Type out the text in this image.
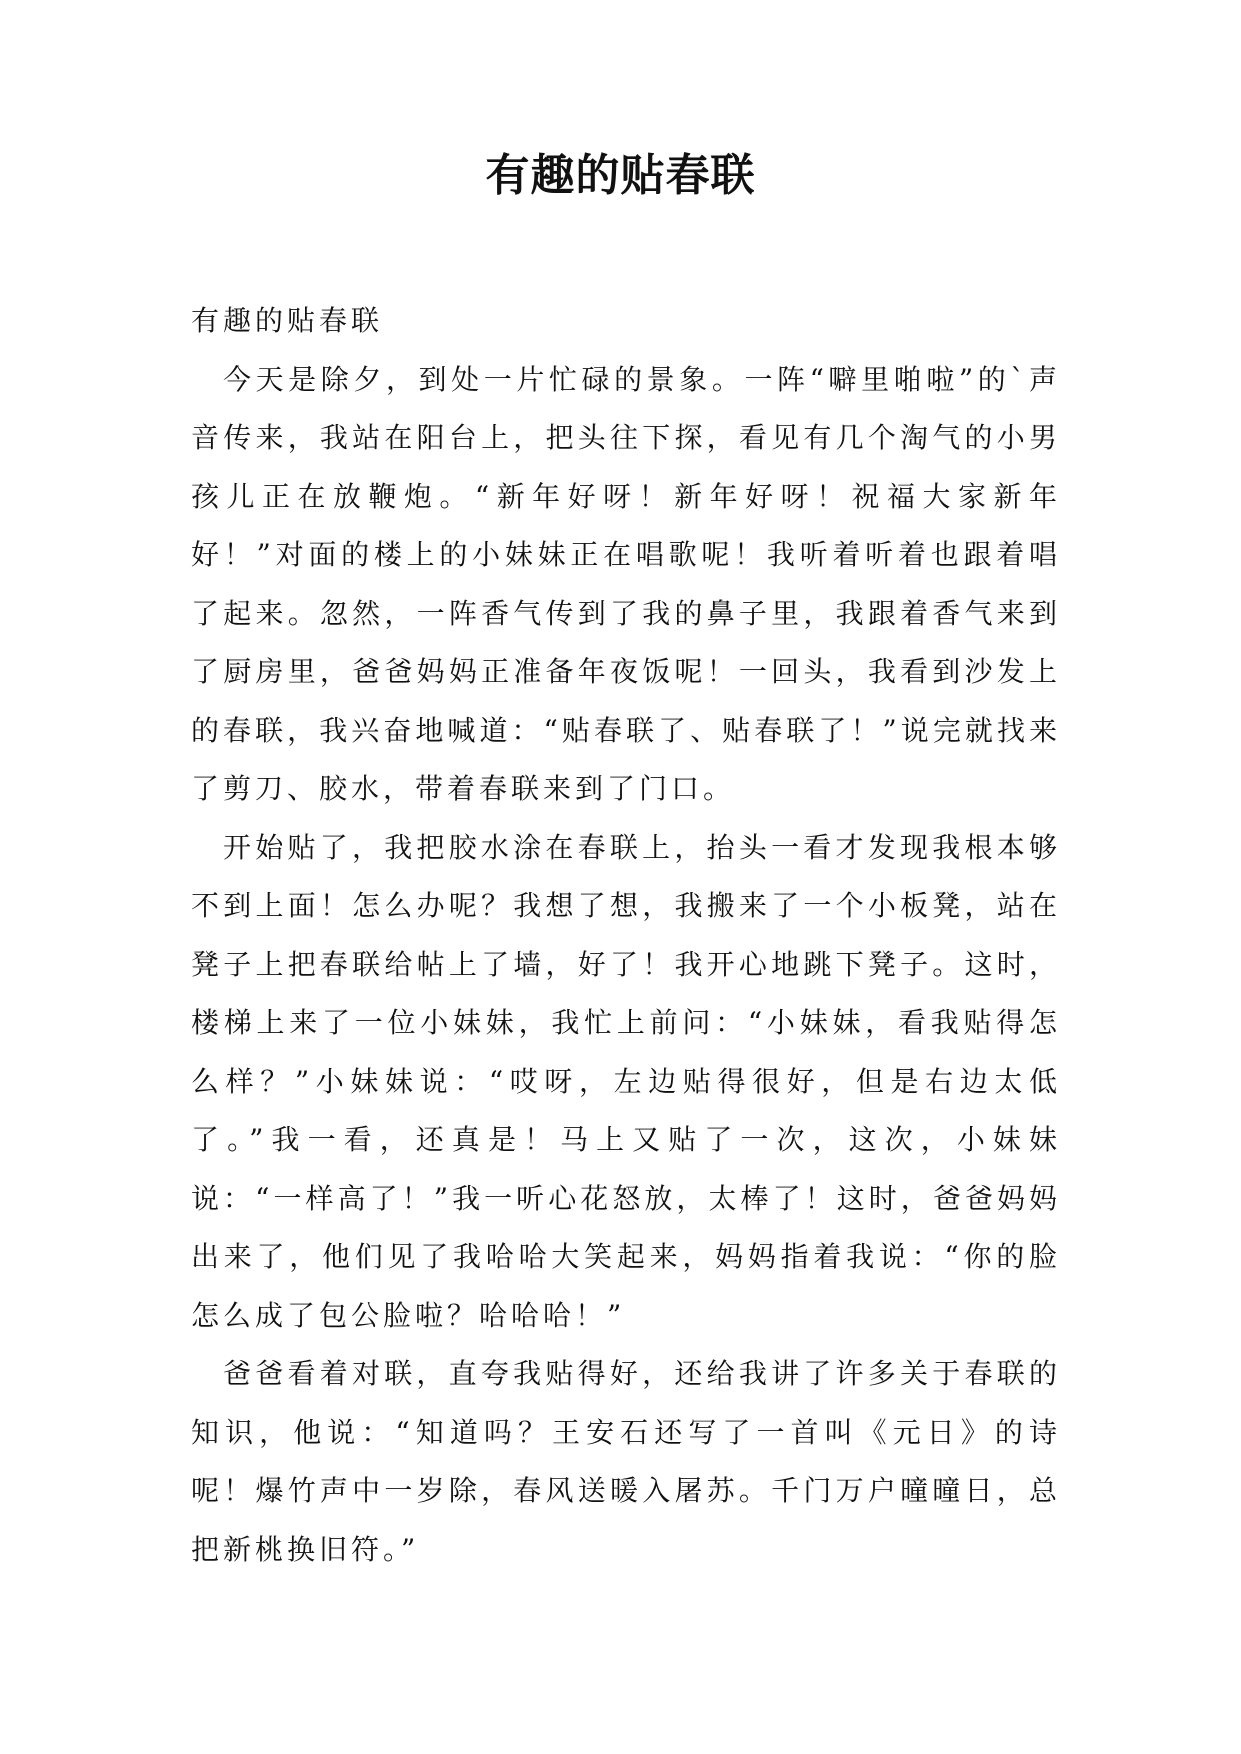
有趣的贴春联

有趣的贴春联

今天是除夕，到处一片忙碌的景象。一阵“噼里啪啦”的`声音传来，我站在阳台上，把头往下探，看见有几个淘气的小男孩儿正在放鞭炮。“新年好呀！新年好呀！祝福大家新年好！”对面的楼上的小妹妹正在唱歌呢！我听着听着也跟着唱了起来。忽然，一阵香气传到了我的鼻子里，我跟着香气来到了厨房里，爸爸妈妈正准备年夜饭呢！一回头，我看到沙发上的春联，我兴奋地喊道：“贴春联了、贴春联了！”说完就找来了剪刀、胶水，带着春联来到了门口。

开始贴了，我把胶水涂在春联上，抬头一看才发现我根本够不到上面！怎么办呢？我想了想，我搬来了一个小板凳，站在凳子上把春联给帖上了墙，好了！我开心地跳下凳子。这时，楼梯上来了一位小妹妹，我忙上前问：“小妹妹，看我贴得怎么样？”小妹妹说：“哎呀，左边贴得很好，但是右边太低了。”我一看，还真是！马上又贴了一次，这次，小妹妹说：“一样高了！”我一听心花怒放，太棒了！这时，爸爸妈妈出来了，他们见了我哈哈大笑起来，妈妈指着我说：“你的脸怎么成了包公脸啦？哈哈哈！”

爸爸看着对联，直夸我贴得好，还给我讲了许多关于春联的知识，他说：“知道吗？王安石还写了一首叫《元日》的诗呢！爆竹声中一岁除，春风送暖入屠苏。千门万户曈曈日，总把新桃换旧符。”
